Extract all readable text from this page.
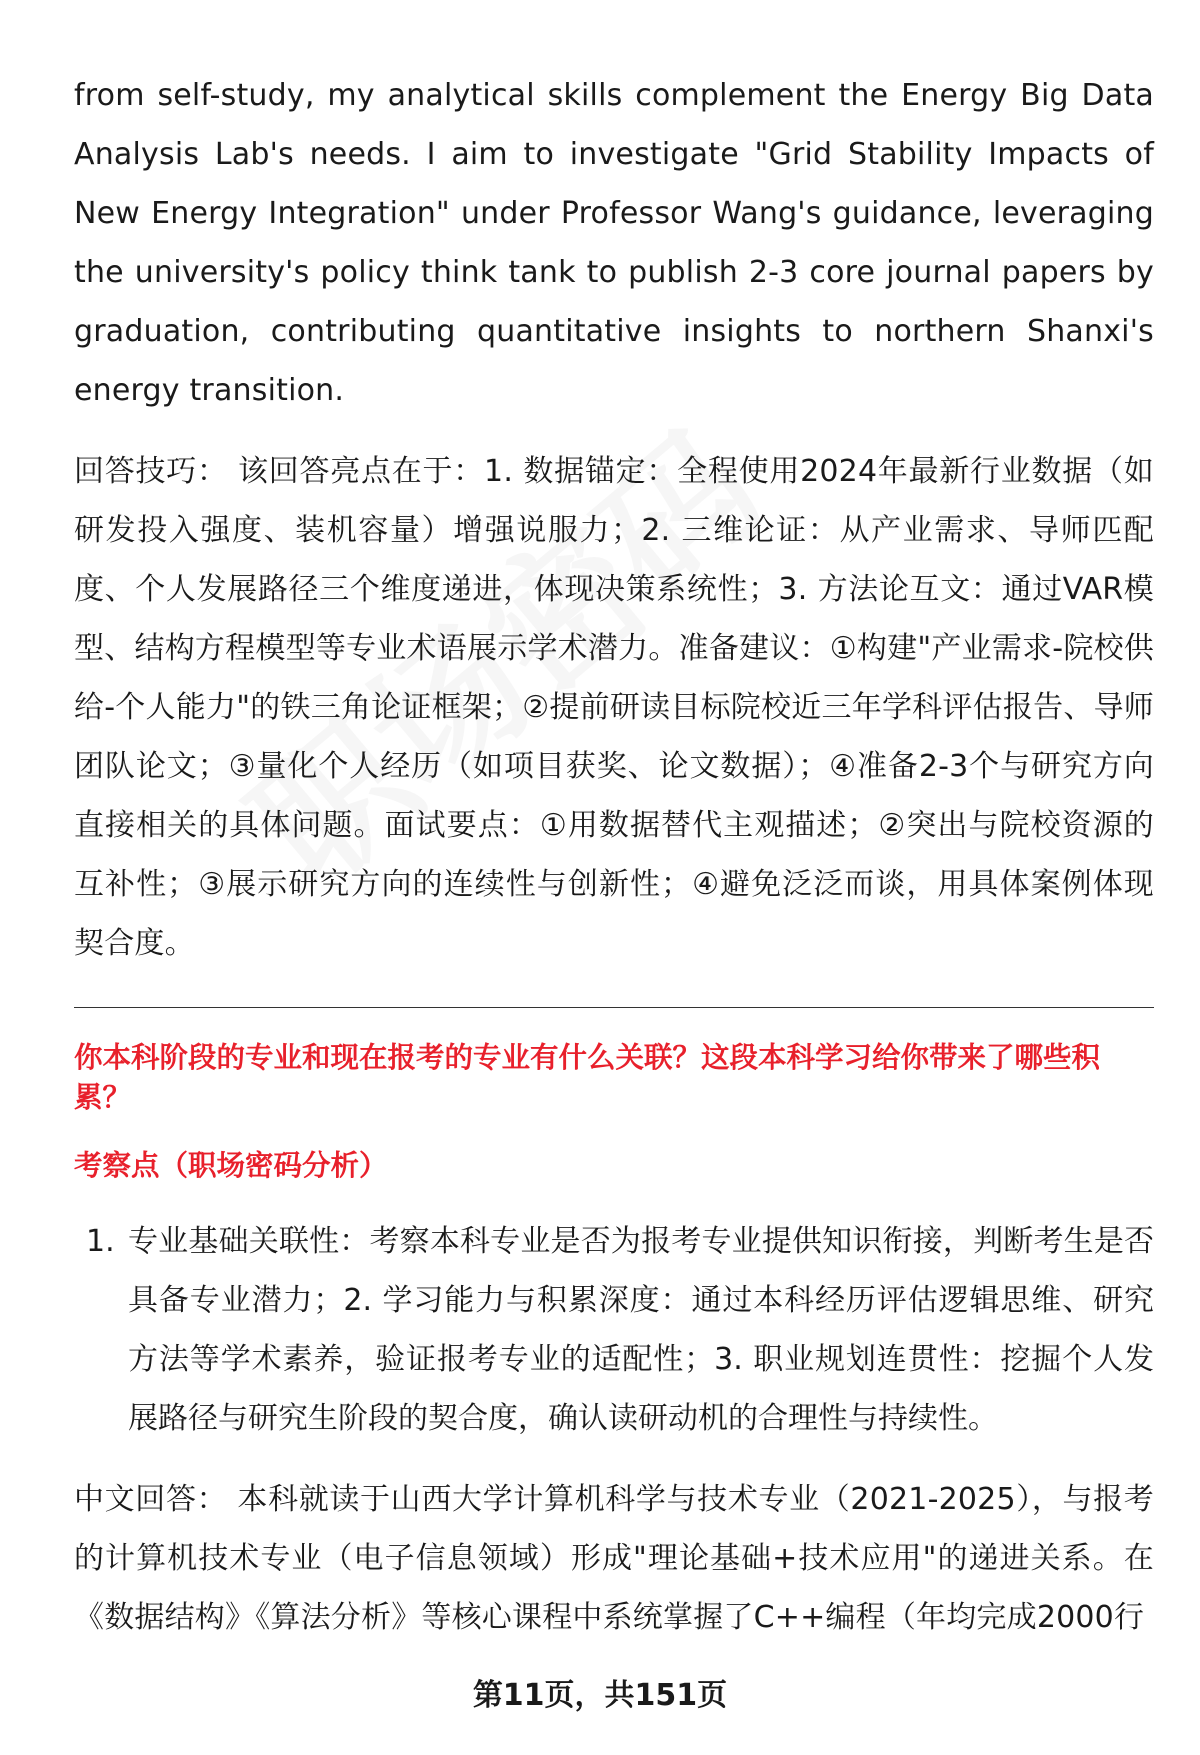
from self-study, my analytical skills complement the Energy Big Data Analysis Lab's needs. I aim to investigate "Grid Stability Impacts of New Energy Integration" under Professor Wang's guidance, leveraging the university's policy think tank to publish 2-3 core journal papers by graduation, contributing quantitative insights to northern Shanxi's energy transition.

回答技巧： 该回答亮点在于：1. 数据锚定：全程使用2024年最新行业数据（如研发投入强度、装机容量）增强说服力；2. 三维论证：从产业需求、导师匹配度、个人发展路径三个维度递进，体现决策系统性；3. 方法论互文：通过VAR模型、结构方程模型等专业术语展示学术潜力。准备建议：①构建"产业需求-院校供给-个人能力"的铁三角论证框架；②提前研读目标院校近三年学科评估报告、导师团队论文；③量化个人经历（如项目获奖、论文数据）；④准备2-3个与研究方向直接相关的具体问题。面试要点：①用数据替代主观描述；②突出与院校资源的互补性；③展示研究方向的连续性与创新性；④避免泛泛而谈，用具体案例体现契合度。

你本科阶段的专业和现在报考的专业有什么关联？这段本科学习给你带来了哪些积累？

考察点（职场密码分析）

1. 专业基础关联性：考察本科专业是否为报考专业提供知识衔接，判断考生是否具备专业潜力；2. 学习能力与积累深度：通过本科经历评估逻辑思维、研究方法等学术素养，验证报考专业的适配性；3. 职业规划连贯性：挖掘个人发展路径与研究生阶段的契合度，确认读研动机的合理性与持续性。

中文回答： 本科就读于山西大学计算机科学与技术专业（2021-2025），与报考的计算机技术专业（电子信息领域）形成"理论基础+技术应用"的递进关系。在《数据结构》《算法分析》等核心课程中系统掌握了C++编程（年均完成2000行

第11页，共151页
